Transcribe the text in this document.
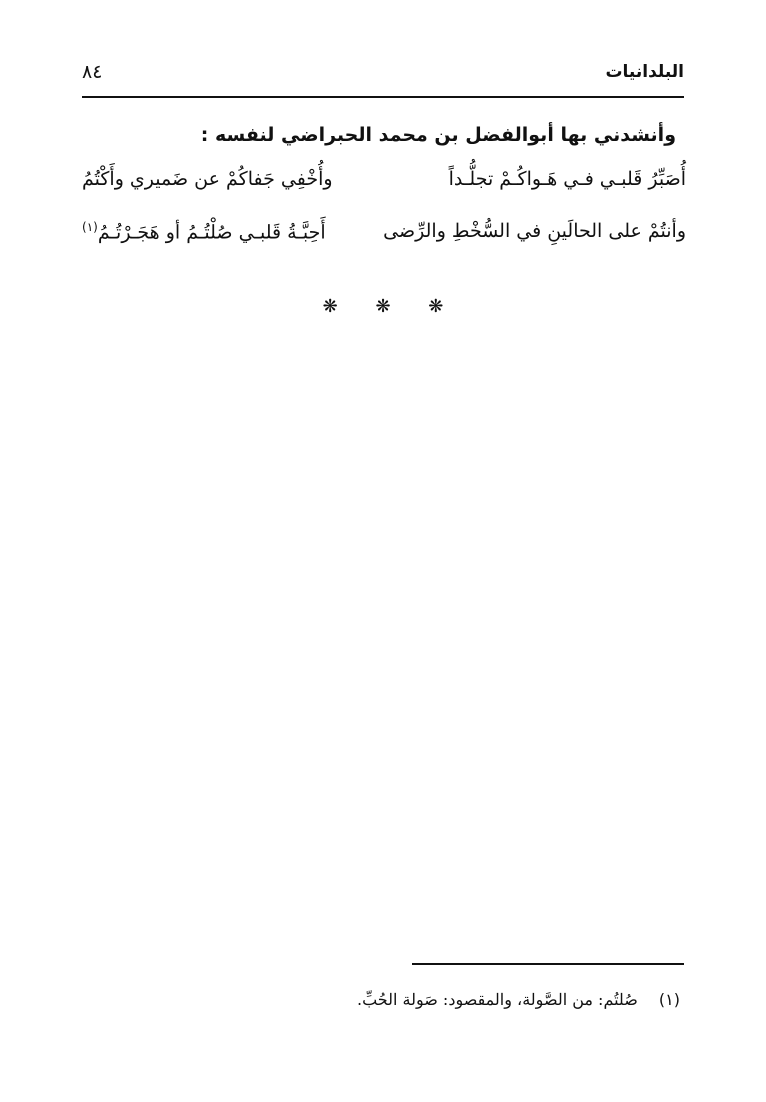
البلدانيات
٨٤
وأنشدني بها أبوالفضل بن محمد الحبراضي لنفسه :
أُصَبِّرُ قَلبـي فـي هَـواكُـمْ تجلُّـداً
وأُخْفِي جَفاكُمْ عن ضَميري وأَكْتُمُ
وأنتُمْ على الحالَينِ في السُّخْطِ والرِّضى
أَحِبَّـةُ قَلبـي صُلْتُـمُ أو هَجَـرْتُـمُ$^{(١)}$
❋ ❋ ❋
(١) صُلتُم: من الصَّولة، والمقصود: صَولة الحُبِّ.
